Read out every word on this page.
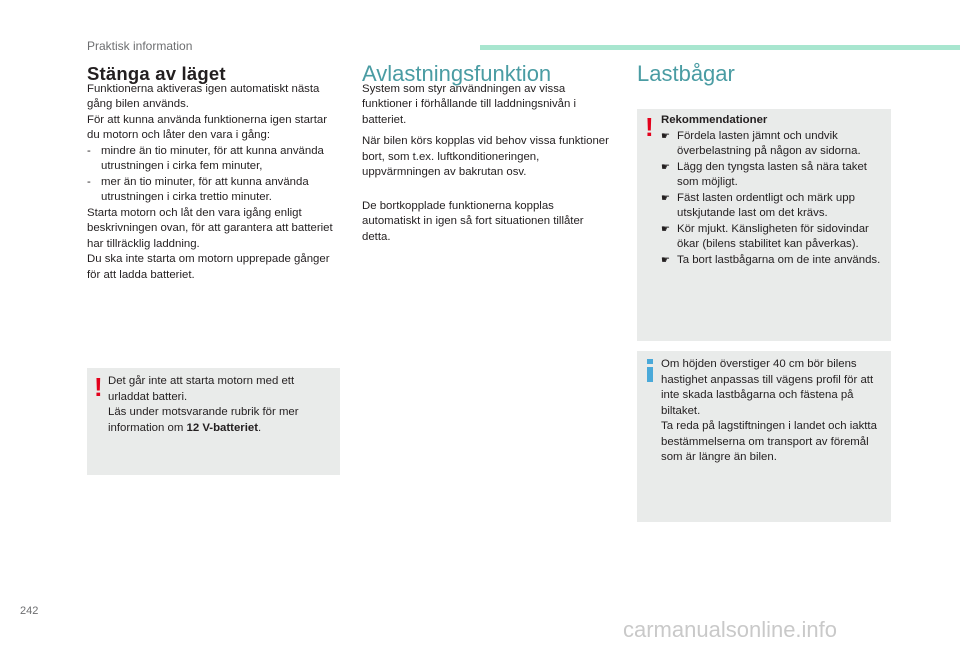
Praktisk information

Stänga av läget

Funktionerna aktiveras igen automatiskt nästa gång bilen används.

För att kunna använda funktionerna igen startar du motorn och låter den vara i gång:

- mindre än tio minuter, för att kunna använda utrustningen i cirka fem minuter,
- mer än tio minuter, för att kunna använda utrustningen i cirka trettio minuter.

Starta motorn och låt den vara igång enligt beskrivningen ovan, för att garantera att batteriet har tillräcklig laddning.

Du ska inte starta om motorn upprepade gånger för att ladda batteriet.

! Det går inte att starta motorn med ett urladdat batteri.

Läs under motsvarande rubrik för mer information om 12 V-batteriet.

Avlastningsfunktion

System som styr användningen av vissa funktioner i förhållande till laddningsnivån i batteriet.

När bilen körs kopplas vid behov vissa funktioner bort, som t.ex. luftkonditioneringen, uppvärmningen av bakrutan osv.

De bortkopplade funktionerna kopplas automatiskt in igen så fort situationen tillåter detta.

Lastbågar

! Rekommendationer

☛ Fördela lasten jämnt och undvik överbelastning på någon av sidorna.
☛ Lägg den tyngsta lasten så nära taket som möjligt.
☛ Fäst lasten ordentligt och märk upp utskjutande last om det krävs.
☛ Kör mjukt. Känsligheten för sidovindar ökar (bilens stabilitet kan påverkas).
☛ Ta bort lastbågarna om de inte används.

Om höjden överstiger 40 cm bör bilens hastighet anpassas till vägens profil för att inte skada lastbågarna och fästena på biltaket.

Ta reda på lagstiftningen i landet och iaktta bestämmelserna om transport av föremål som är längre än bilen.

242
carmanualsonline.info
